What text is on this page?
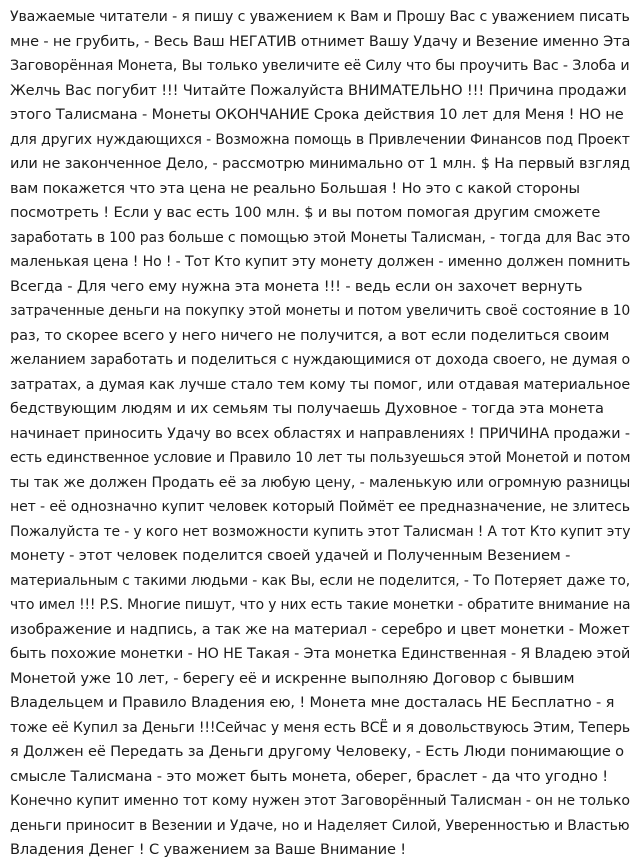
Уважаемые читатели - я пишу с уважением к Вам и Прошу Вас с уважением писать
мне - не грубить, - Весь Ваш НЕГАТИВ отнимет Вашу Удачу и Везение именно Эта
Заговорённая Монета, Вы только увеличите её Силу что бы проучить Вас - Злоба и
Желчь Вас погубит !!! Читайте Пожалуйста ВНИМАТЕЛЬНО !!! Причина продажи
этого Талисмана - Монеты ОКОНЧАНИЕ Срока действия 10 лет для Меня ! НО не
для других нуждающихся - Возможна помощь в Привлечении Финансов под Проект
или не законченное Дело, - рассмотрю минимально от 1 млн. $ На первый взгляд
вам покажется что эта цена не реально Большая ! Но это с какой стороны
посмотреть ! Если у вас есть 100 млн. $ и вы потом помогая другим сможете
заработать в 100 раз больше с помощью этой Монеты Талисман, - тогда для Вас это
маленькая цена ! Но ! - Тот Кто купит эту монету должен - именно должен помнить
Всегда - Для чего ему нужна эта монета !!! - ведь если он захочет вернуть
затраченные деньги на покупку этой монеты и потом увеличить своё состояние в 10
раз, то скорее всего у него ничего не получится, а вот если поделиться своим
желанием заработать и поделиться с нуждающимися от дохода своего, не думая о
затратах, а думая как лучше стало тем кому ты помог, или отдавая материальное
бедствующим людям и их семьям ты получаешь Духовное - тогда эта монета
начинает приносить Удачу во всех областях и направлениях ! ПРИЧИНА продажи -
есть единственное условие и Правило 10 лет ты пользуешься этой Монетой и потом
ты так же должен Продать её за любую цену, - маленькую или огромную разницы
нет - её однозначно купит человек который Поймёт ее предназначение, не злитесь
Пожалуйста те - у кого нет возможности купить этот Талисман ! А тот Кто купит эту
монету - этот человек поделится своей удачей и Полученным Везением -
материальным с такими людьми - как Вы, если не поделится, - То Потеряет даже то,
что имел !!! P.S. Многие пишут, что у них есть такие монетки - обратите внимание на
изображение и надпись, а так же на материал - серебро и цвет монетки - Может
быть похожие монетки - НО НЕ Такая - Эта монетка Единственная - Я Владею этой
Монетой уже 10 лет, - берегу её и искренне выполняю Договор с бывшим
Владельцем и Правило Владения ею, ! Монета мне досталась НЕ Бесплатно - я
тоже её Купил за Деньги !!!Сейчас у меня есть ВСЁ и я довольствуюсь Этим, Теперь
я Должен её Передать за Деньги другому Человеку, - Есть Люди понимающие о
смысле Талисмана - это может быть монета, оберег, браслет - да что угодно !
Конечно купит именно тот кому нужен этот Заговорённый Талисман - он не только
деньги приносит в Везении и Удаче, но и Наделяет Силой, Уверенностью и Властью
Владения Денег ! С уважением за Ваше Внимание !
